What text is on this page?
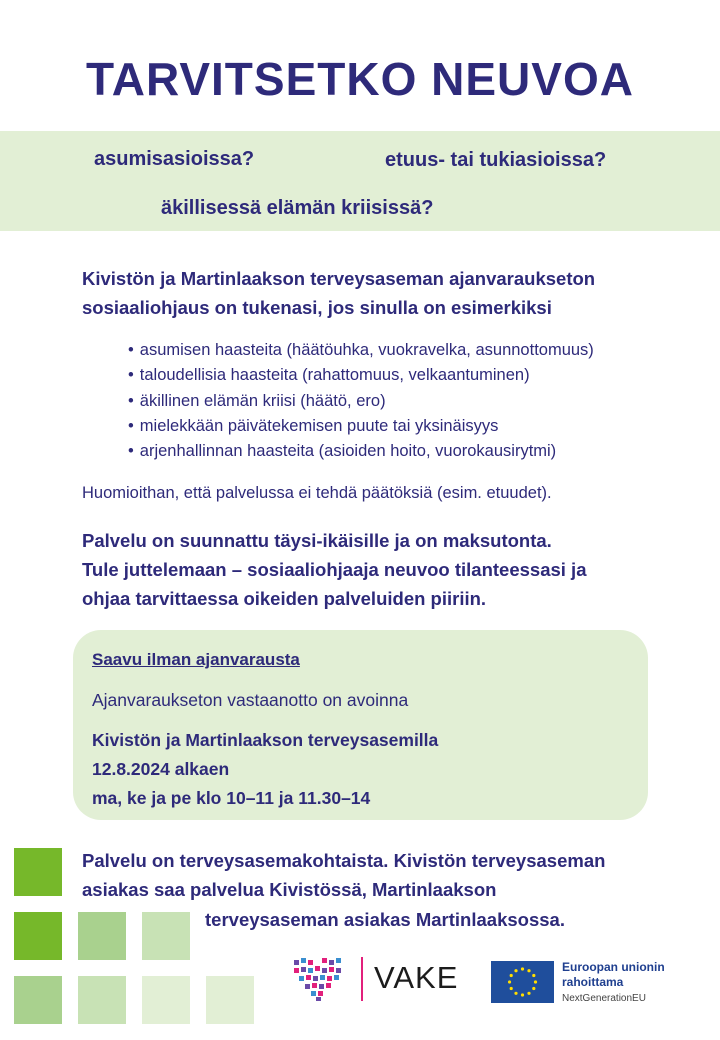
TARVITSETKO NEUVOA
asumisasioissa?	etuus- tai tukiasioissa?
äkillisessä elämän kriisissä?
Kivistön ja Martinlaakson terveysaseman ajanvaraukseton
sosiaaliohjaus on tukenasi, jos sinulla on esimerkiksi
• asumisen haasteita (häätöuhka, vuokravelka, asunnottomuus)
• taloudellisia haasteita (rahattomuus, velkaantuminen)
• äkillinen elämän kriisi (häätö, ero)
• mielekkään päivätekemisen puute tai yksinäisyys
• arjenhallinnan haasteita (asioiden hoito, vuorokausirytmi)
Huomioithan, että palvelussa ei tehdä päätöksiä (esim. etuudet).
Palvelu on suunnattu täysi-ikäisille ja on maksutonta.
Tule juttelemaan – sosiaaliohjaaja neuvoo tilanteessasi ja
ohjaa tarvittaessa oikeiden palveluiden piiriin.
Saavu ilman ajanvarausta
Ajanvaraukseton vastaanotto on avoinna
Kivistön ja Martinlaakson terveysasemilla
12.8.2024 alkaen
ma, ke ja pe klo 10–11 ja 11.30–14
Palvelu on terveysasemakohtaista. Kivistön terveysaseman
asiakas saa palvelua Kivistössä, Martinlaakson
terveysaseman asiakas Martinlaaksossa.
VAKE	Euroopan unionin
rahoittama
NextGenerationEU
